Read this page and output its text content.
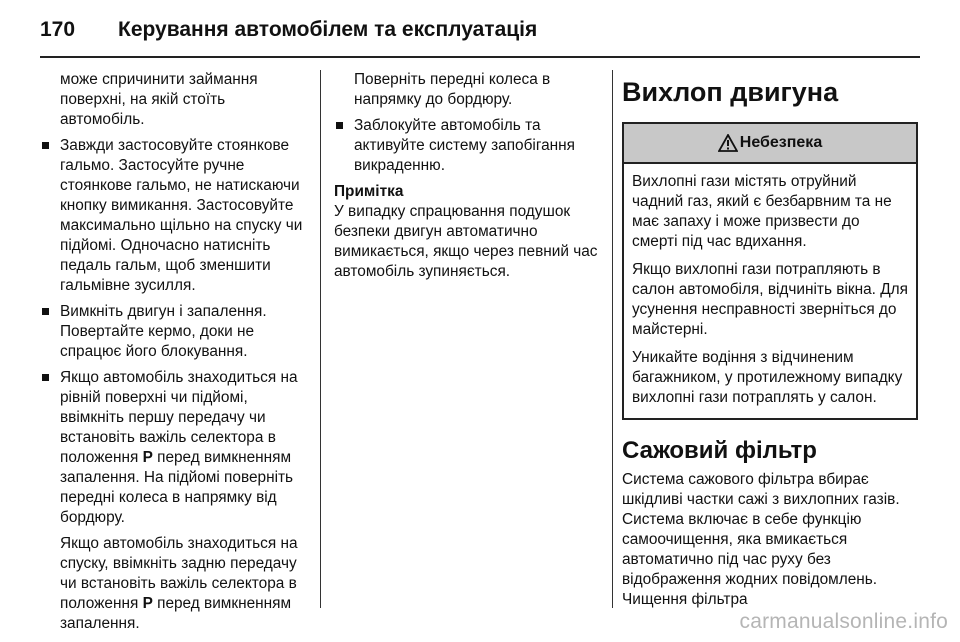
170	Керування автомобілем та експлуатація

може спричинити займання поверхні, на якій стоїть автомобіль.

Завжди застосовуйте стоянкове гальмо. Застосуйте ручне стоянкове гальмо, не натискаючи кнопку вимикання. Застосовуйте максимально щільно на спуску чи підйомі. Одночасно натисніть педаль гальм, щоб зменшити гальмівне зусилля.
Вимкніть двигун і запалення. Повертайте кермо, доки не спрацює його блокування.
Якщо автомобіль знаходиться на рівній поверхні чи підйомі, ввімкніть першу передачу чи встановіть важіль селектора в положення P перед вимкненням запалення. На підйомі поверніть передні колеса в напрямку від бордюру.

Якщо автомобіль знаходиться на спуску, ввімкніть задню передачу чи встановіть важіль селектора в положення P перед вимкненням запалення.

Поверніть передні колеса в напрямку до бордюру.

Заблокуйте автомобіль та активуйте систему запобігання викраденню.

Примітка

У випадку спрацювання подушок безпеки двигун автоматично вимикається, якщо через певний час автомобіль зупиняється.

Вихлоп двигуна
Небезпека

Вихлопні гази містять отруйний чадний газ, який є безбарвним та не має запаху і може призвести до смерті під час вдихання.

Якщо вихлопні гази потрапляють в салон автомобіля, відчиніть вікна. Для усунення несправності зверніться до майстерні.

Уникайте водіння з відчиненим багажником, у протилежному випадку вихлопні гази потраплять у салон.

Сажовий фільтр

Система сажового фільтра вбирає шкідливі частки сажі з вихлопних газів. Система включає в себе функцію самоочищення, яка вмикається автоматично під час руху без відображення жодних повідомлень. Чищення фільтра

carmanualsonline.info
